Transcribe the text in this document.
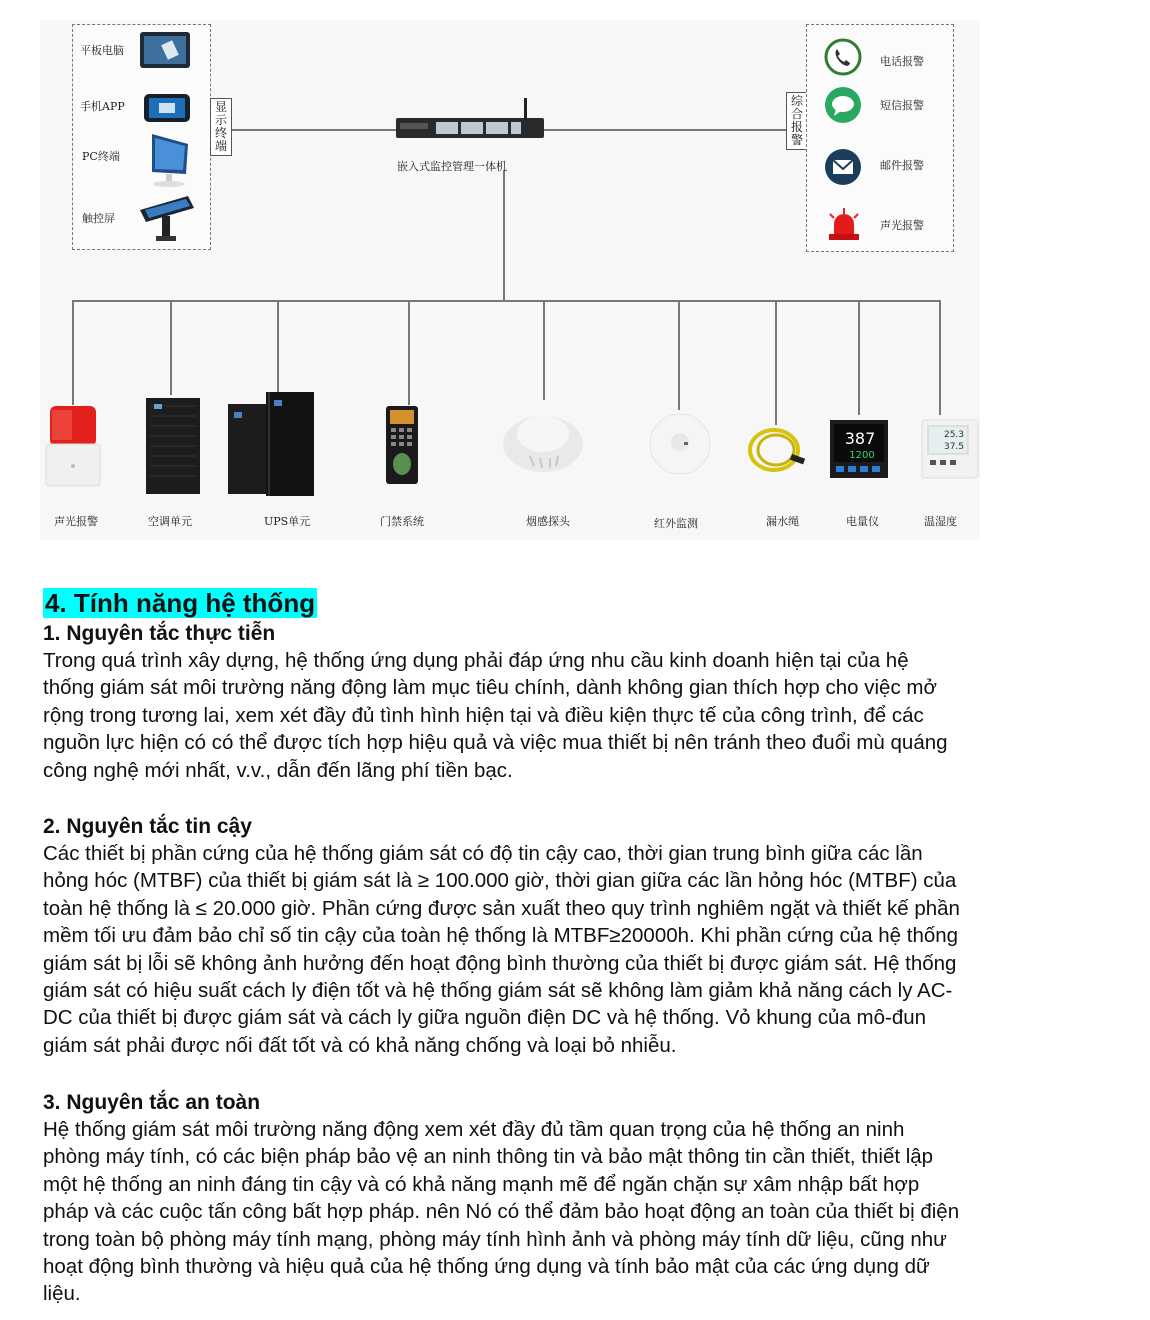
平板电脑
手机APP
PC终端
触控屏
显
示
终
端
嵌入式监控管理一体机
综
合
报
警
电话报警
短信报警
邮件报警
声光报警
声光报警	空调单元	UPS单元	门禁系统	烟感探头	红外监测	漏水绳
387
1200
电量仪
25.3
37.5
温湿度
4. Tính năng hệ thống
1. Nguyên tắc thực tiễn
Trong quá trình xây dựng, hệ thống ứng dụng phải đáp ứng nhu cầu kinh doanh hiện tại của hệ
thống giám sát môi trường năng động làm mục tiêu chính, dành không gian thích hợp cho việc mở
rộng trong tương lai, xem xét đầy đủ tình hình hiện tại và điều kiện thực tế của công trình, để các
nguồn lực hiện có có thể được tích hợp hiệu quả và việc mua thiết bị nên tránh theo đuổi mù quáng
công nghệ mới nhất, v.v., dẫn đến lãng phí tiền bạc.
2. Nguyên tắc tin cậy
Các thiết bị phần cứng của hệ thống giám sát có độ tin cậy cao, thời gian trung bình giữa các lần
hỏng hóc (MTBF) của thiết bị giám sát là ≥ 100.000 giờ, thời gian giữa các lần hỏng hóc (MTBF) của
toàn hệ thống là ≤ 20.000 giờ. Phần cứng được sản xuất theo quy trình nghiêm ngặt và thiết kế phần
mềm tối ưu đảm bảo chỉ số tin cậy của toàn hệ thống là MTBF≥20000h. Khi phần cứng của hệ thống
giám sát bị lỗi sẽ không ảnh hưởng đến hoạt động bình thường của thiết bị được giám sát. Hệ thống
giám sát có hiệu suất cách ly điện tốt và hệ thống giám sát sẽ không làm giảm khả năng cách ly AC-
DC của thiết bị được giám sát và cách ly giữa nguồn điện DC và hệ thống. Vỏ khung của mô-đun
giám sát phải được nối đất tốt và có khả năng chống và loại bỏ nhiễu.
3. Nguyên tắc an toàn
Hệ thống giám sát môi trường năng động xem xét đầy đủ tầm quan trọng của hệ thống an ninh
phòng máy tính, có các biện pháp bảo vệ an ninh thông tin và bảo mật thông tin cần thiết, thiết lập
một hệ thống an ninh đáng tin cậy và có khả năng mạnh mẽ để ngăn chặn sự xâm nhập bất hợp
pháp và các cuộc tấn công bất hợp pháp. nên Nó có thể đảm bảo hoạt động an toàn của thiết bị điện
trong toàn bộ phòng máy tính mạng, phòng máy tính hình ảnh và phòng máy tính dữ liệu, cũng như
hoạt động bình thường và hiệu quả của hệ thống ứng dụng và tính bảo mật của các ứng dụng dữ
liệu.
